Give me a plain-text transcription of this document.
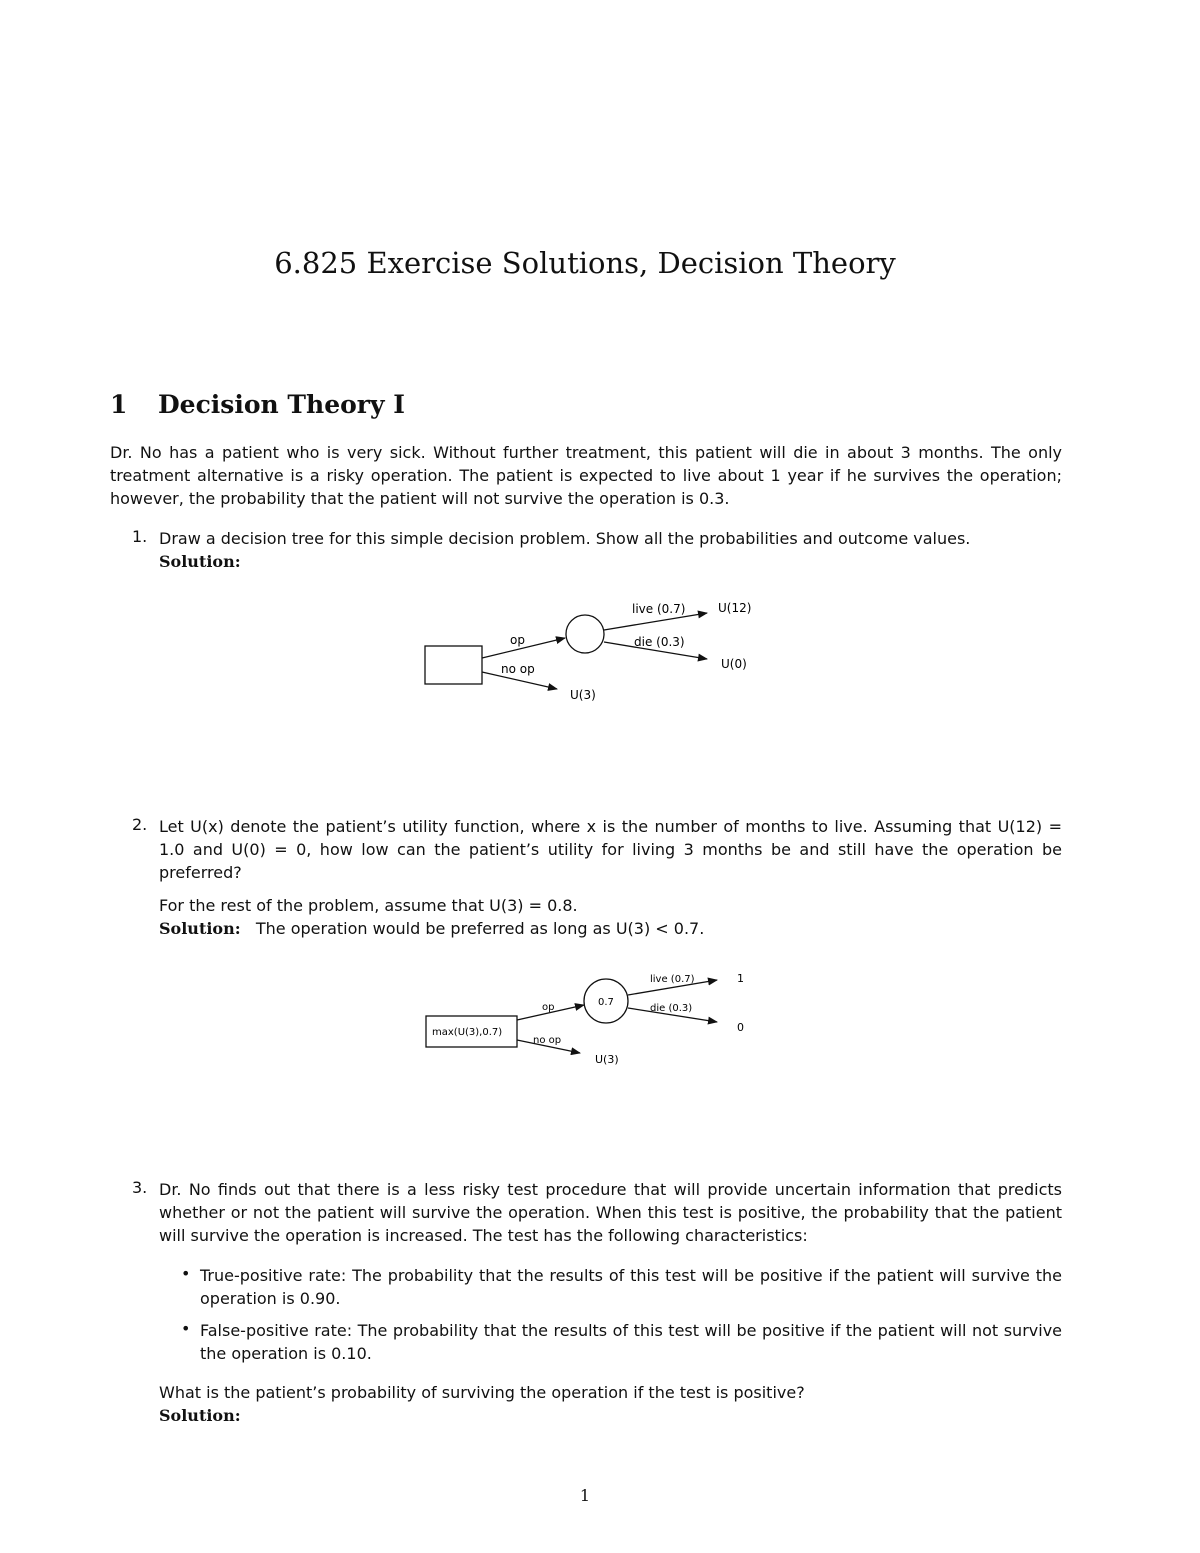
6.825 Exercise Solutions, Decision Theory
1 Decision Theory I
Dr. No has a patient who is very sick. Without further treatment, this patient will die in about 3 months. The only treatment alternative is a risky operation. The patient is expected to live about 1 year if he survives the operation; however, the probability that the patient will not survive the operation is 0.3.
1. Draw a decision tree for this simple decision problem. Show all the probabilities and outcome values.

Solution:

op
no op
live (0.7)
die (0.3)
U(12)
U(0)
U(3)
2. Let U(x) denote the patient’s utility function, where x is the number of months to live. Assuming that U(12) = 1.0 and U(0) = 0, how low can the patient’s utility for living 3 months be and still have the operation be preferred?

For the rest of the problem, assume that U(3) = 0.8.

Solution: The operation would be preferred as long as U(3) < 0.7.

max(U(3),0.7)
0.7
op
no op
live (0.7)
die (0.3)
1
0
U(3)
3. Dr. No finds out that there is a less risky test procedure that will provide uncertain information that predicts whether or not the patient will survive the operation. When this test is positive, the probability that the patient will survive the operation is increased. The test has the following characteristics:
• True-positive rate: The probability that the results of this test will be positive if the patient will survive the operation is 0.90.
• False-positive rate: The probability that the results of this test will be positive if the patient will not survive the operation is 0.10.

What is the patient’s probability of surviving the operation if the test is positive?

Solution:

1
